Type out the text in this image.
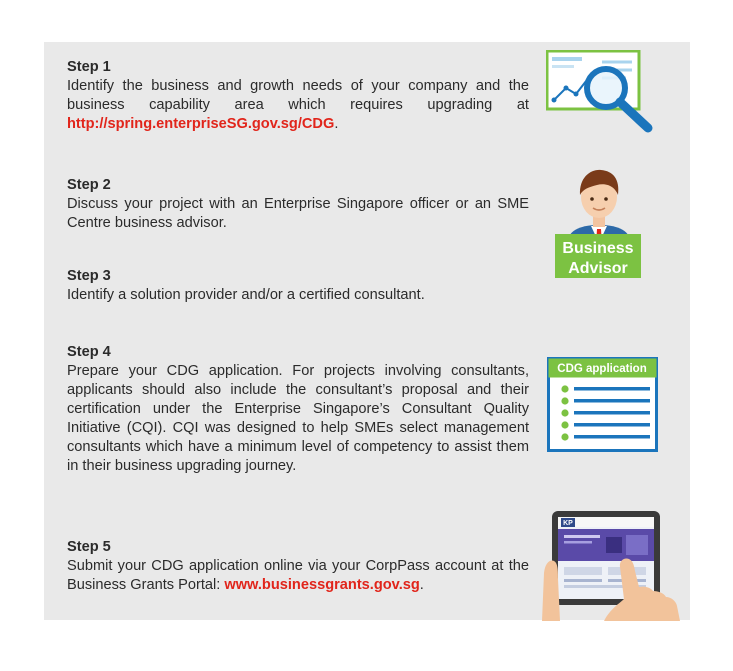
Step 1
Identify the business and growth needs of your company and the business capability area which requires upgrading at http://spring.enterpriseSG.gov.sg/CDG.
Step 2
Discuss your project with an Enterprise Singapore officer or an SME Centre business advisor.
Step 3
Identify a solution provider and/or a certified consultant.
Step 4
Prepare your CDG application. For projects involving consultants, applicants should also include the consultant’s proposal and their certification under the Enterprise Singapore’s Consultant Quality Initiative (CQI). CQI was designed to help SMEs select management consultants which have a minimum level of competency to assist them in their business upgrading journey.
Step 5
Submit your CDG application online via your CorpPass account at the Business Grants Portal: www.businessgrants.gov.sg.
Business
Advisor
CDG application
KP
